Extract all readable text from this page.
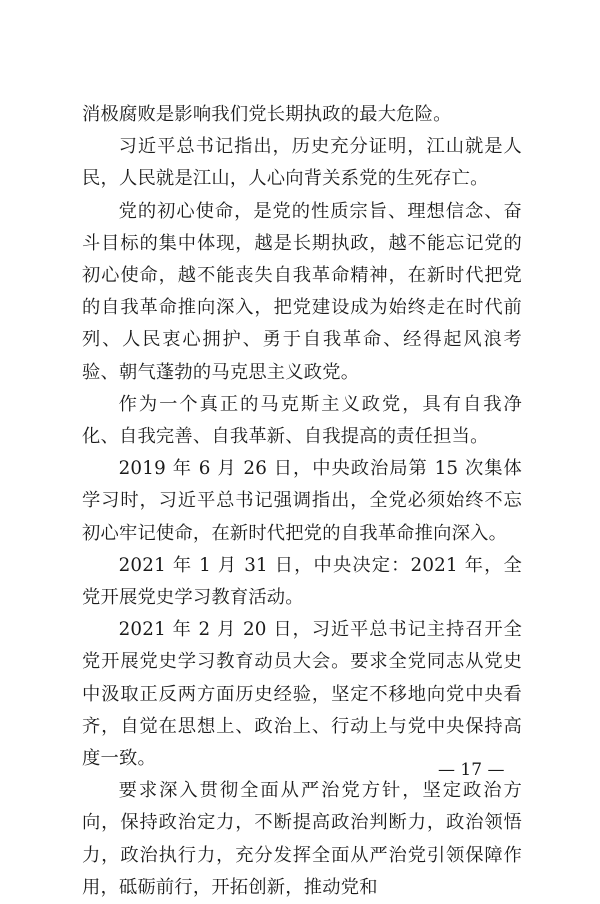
消极腐败是影响我们党长期执政的最大危险。

习近平总书记指出，历史充分证明，江山就是人民，人民就是江山，人心向背关系党的生死存亡。

党的初心使命，是党的性质宗旨、理想信念、奋斗目标的集中体现，越是长期执政，越不能忘记党的初心使命，越不能丧失自我革命精神，在新时代把党的自我革命推向深入，把党建设成为始终走在时代前列、人民衷心拥护、勇于自我革命、经得起风浪考验、朝气蓬勃的马克思主义政党。

作为一个真正的马克斯主义政党，具有自我净化、自我完善、自我革新、自我提高的责任担当。

2019 年 6 月 26 日，中央政治局第 15 次集体学习时，习近平总书记强调指出，全党必须始终不忘初心牢记使命，在新时代把党的自我革命推向深入。

2021 年 1 月 31 日，中央决定：2021 年，全党开展党史学习教育活动。

2021 年 2 月 20 日，习近平总书记主持召开全党开展党史学习教育动员大会。要求全党同志从党史中汲取正反两方面历史经验，坚定不移地向党中央看齐，自觉在思想上、政治上、行动上与党中央保持高度一致。

要求深入贯彻全面从严治党方针，坚定政治方向，保持政治定力，不断提高政治判断力，政治领悟力，政治执行力，充分发挥全面从严治党引领保障作用，砥砺前行，开拓创新，推动党和

— 17 —
